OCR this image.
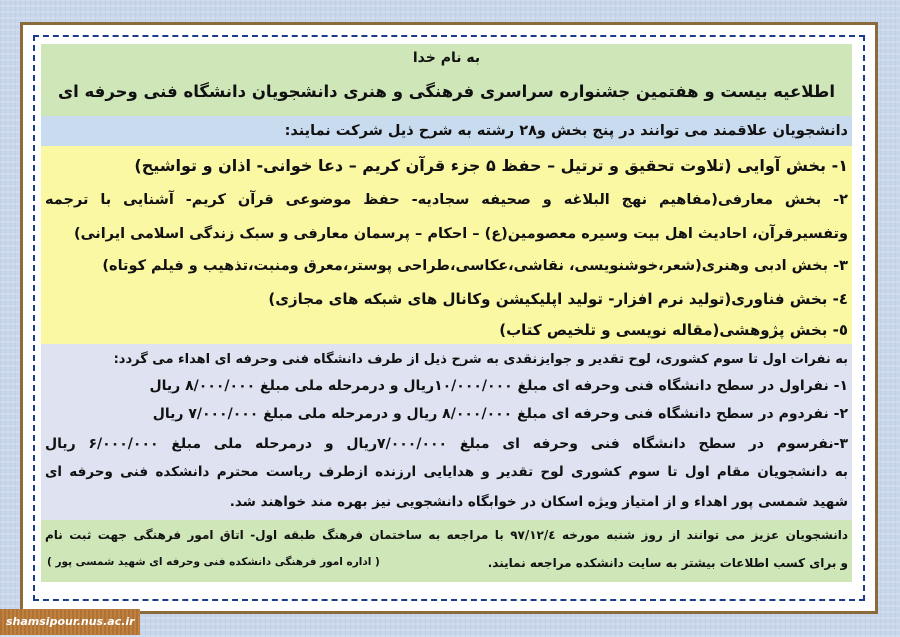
به نام خدا
اطلاعیه بیست و هفتمین جشنواره سراسری فرهنگی و هنری دانشجویان دانشگاه فنی وحرفه ای
دانشجویان علاقمند می توانند در پنج بخش و۲۸ رشته به شرح ذیل شرکت نمایند:
۱- بخش آوایی (تلاوت تحقیق و ترتیل – حفظ ۵ جزء قرآن کریم – دعا خوانی- اذان و تواشیح)
۲- بخش معارفی(مفاهیم نهج البلاغه و صحیفه سجادیه- حفظ موضوعی قرآن کریم- آشنایی با ترجمه
وتفسیرقرآن، احادیث اهل بیت وسیره معصومین(ع) – احکام – پرسمان معارفی و سبک زندگی اسلامی ایرانی)
۳- بخش ادبی وهنری(شعر،خوشنویسی، نقاشی،عکاسی،طراحی پوستر،معرق ومنبت،تذهیب و فیلم کوتاه)
٤- بخش فناوری(تولید نرم افزار- تولید اپلیکیشن وکانال های شبکه های مجازی)
٥- بخش پژوهشی(مقاله نویسی و تلخیص کتاب)
به نفرات اول تا سوم کشوری، لوح تقدیر و جوایزنقدی به شرح ذیل از طرف دانشگاه فنی وحرفه ای اهداء می گردد:
۱- نفراول در سطح دانشگاه فنی وحرفه ای مبلغ ۱۰/۰۰۰/۰۰۰ریال و درمرحله ملی مبلغ ۸/۰۰۰/۰۰۰ ریال
۲- نفردوم در سطح دانشگاه فنی وحرفه ای مبلغ ۸/۰۰۰/۰۰۰ ریال و درمرحله ملی مبلغ ۷/۰۰۰/۰۰۰ ریال
۳-نفرسوم در سطح دانشگاه فنی وحرفه ای مبلغ ۷/۰۰۰/۰۰۰ریال و درمرحله ملی مبلغ ۶/۰۰۰/۰۰۰ ریال
به دانشجویان مقام اول تا سوم کشوری لوح تقدیر و هدایایی ارزنده ازطرف ریاست محترم دانشکده فنی وحرفه ای
شهید شمسی پور اهداء و از امتیاز ویژه اسکان در خوابگاه دانشجویی نیز بهره مند خواهند شد.
دانشجویان عزیز می توانند از روز شنبه مورخه ۹۷/۱۲/٤ با مراجعه به ساختمان فرهنگ طبقه اول- اتاق امور فرهنگی جهت ثبت نام
و برای کسب اطلاعات بیشتر به سایت دانشکده مراجعه نمایند.
( اداره امور فرهنگی دانشکده فنی وحرفه ای شهید شمسی پور )
shamsipour.nus.ac.ir
